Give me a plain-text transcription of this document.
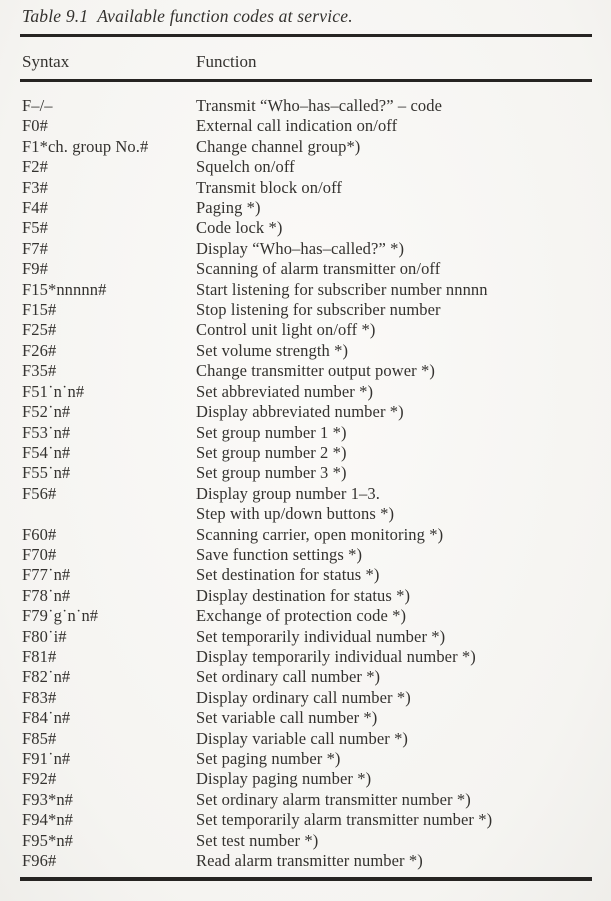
Table 9.1 Available function codes at service.
Syntax	Function
F–/–	Transmit “Who–has–called?” – code
F0#	External call indication on/off
F1*ch. group No.#	Change channel group*)
F2#	Squelch on/off
F3#	Transmit block on/off
F4#	Paging *)
F5#	Code lock *)
F7#	Display “Who–has–called?” *)
F9#	Scanning of alarm transmitter on/off
F15*nnnnn#	Start listening for subscriber number nnnnn
F15#	Stop listening for subscriber number
F25#	Control unit light on/off *)
F26#	Set volume strength *)
F35#	Change transmitter output power *)
F51˙n˙n#	Set abbreviated number *)
F52˙n#	Display abbreviated number *)
F53˙n#	Set group number 1 *)
F54˙n#	Set group number 2 *)
F55˙n#	Set group number 3 *)
F56#	Display group number 1–3.
Step with up/down buttons *)
F60#	Scanning carrier, open monitoring *)
F70#	Save function settings *)
F77˙n#	Set destination for status *)
F78˙n#	Display destination for status *)
F79˙g˙n˙n#	Exchange of protection code *)
F80˙i#	Set temporarily individual number *)
F81#	Display temporarily individual number *)
F82˙n#	Set ordinary call number *)
F83#	Display ordinary call number *)
F84˙n#	Set variable call number *)
F85#	Display variable call number *)
F91˙n#	Set paging number *)
F92#	Display paging number *)
F93*n#	Set ordinary alarm transmitter number *)
F94*n#	Set temporarily alarm transmitter number *)
F95*n#	Set test number *)
F96#	Read alarm transmitter number *)
